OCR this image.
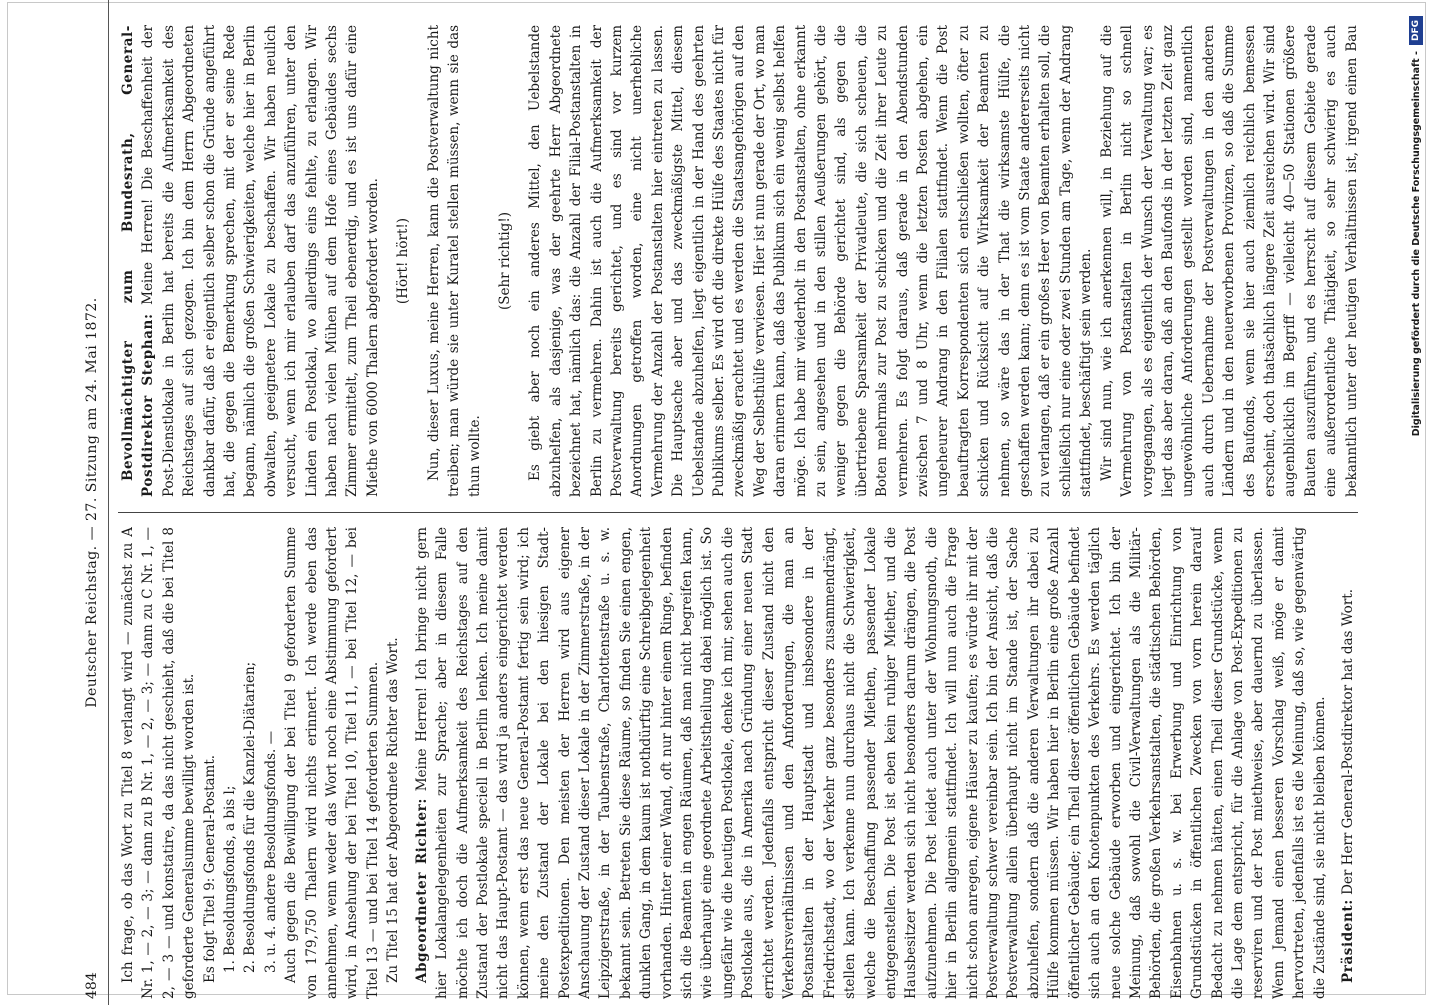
484
Deutscher Reichstag. — 27. Sitzung am 24. Mai 1872.

Ich frage, ob das Wort zu Titel 8 verlangt wird — zunächst zu A Nr. 1, — 2, — 3; — dann zu B Nr. 1, — 2, — 3; — dann zu C Nr. 1, — 2, — 3 — und konstatire, da das nicht geschieht, daß die bei Titel 8 geforderte Generalsumme bewilligt worden ist. Es folgt Titel 9: General-Postamt. 1. Besoldungsfonds, a bis l; 2. Besoldungsfonds für die Kanzlei-Diätarien; 3. u. 4. andere Besoldungsfonds. — Auch gegen die Bewilligung der bei Titel 9 geforderten Summe von 179,750 Thalern wird nichts erinnert. Ich werde eben das annehmen, wenn weder das Wort noch eine Abstimmung gefordert wird, in Ansehung der bei Titel 10, Titel 11, — bei Titel 12, — bei Titel 13 — und bei Titel 14 geforderten Summen. Zu Titel 15 hat der Abgeordnete Richter das Wort. Abgeordneter Richter: Meine Herren! Ich bringe nicht gern hier Lokalangelegenheiten zur Sprache; aber in diesem Falle möchte ich doch die Aufmerksamkeit des Reichstages auf den Zustand der Postlokale speciell in Berlin lenken. Ich meine damit nicht das Haupt-Postamt — das wird ja anders eingerichtet werden können, wenn erst das neue General-Postamt fertig sein wird; ich meine den Zustand der Lokale bei den hiesigen Stadt-Postexpeditionen. Den meisten der Herren wird aus eigener Anschauung der Zustand dieser Lokale in der Zimmerstraße, in der Leipzigerstraße, in der Taubenstraße, Charlottenstraße u. s. w. bekannt sein. Betreten Sie diese Räume, so finden Sie einen engen, dunklen Gang, in dem kaum ist nothdürftig eine Schreibgelegenheit vorhanden. Hinter einer Wand, oft nur hinter einem Ringe, befinden sich die Beamten in engen Räumen, daß man nicht begreifen kann, wie überhaupt eine geordnete Arbeitstheilung dabei möglich ist. So ungefähr wie die heutigen Postlokale, denke ich mir, sehen auch die Postlokale aus, die in Amerika nach Gründung einer neuen Stadt errichtet werden. Jedenfalls entspricht dieser Zustand nicht den Verkehrsverhältnissen und den Anforderungen, die man an Postanstalten in der Hauptstadt und insbesondere in der Friedrichstadt, wo der Verkehr ganz besonders zusammendrängt, stellen kann. Ich verkenne nun durchaus nicht die Schwierigkeit, welche die Beschaffung passender Miethen, passender Lokale entgegenstellen. Die Post ist eben kein ruhiger Miether, und die Hausbesitzer werden sich nicht besonders darum drängen, die Post aufzunehmen. Die Post leidet auch unter der Wohnungsnoth, die hier in Berlin allgemein stattfindet. Ich will nun auch die Frage nicht schon anregen, eigene Häuser zu kaufen; es würde ihr mit der Postverwaltung schwer vereinbar sein. Ich bin der Ansicht, daß die Postverwaltung allein überhaupt nicht im Stande ist, der Sache abzuhelfen, sondern daß die anderen Verwaltungen ihr dabei zu Hülfe kommen müssen. Wir haben hier in Berlin eine große Anzahl öffentlicher Gebäude; ein Theil dieser öffentlichen Gebäude befindet sich auch an den Knotenpunkten des Verkehrs. Es werden täglich neue solche Gebäude erworben und eingerichtet. Ich bin der Meinung, daß sowohl die Civil-Verwaltungen als die Militär-Behörden, die großen Verkehrsanstalten, die städtischen Behörden, Eisenbahnen u. s. w. bei Erwerbung und Einrichtung von Grundstücken in öffentlichen Zwecken von vorn herein darauf Bedacht zu nehmen hätten, einen Theil dieser Grundstücke, wenn die Lage dem entspricht, für die Anlage von Post-Expeditionen zu reserviren und der Post miethweise, aber dauernd zu überlassen. Wenn Jemand einen besseren Vorschlag weiß, möge er damit hervortreten, jedenfalls ist es die Meinung, daß so, wie gegenwärtig die Zustände sind, sie nicht bleiben können. Präsident: Der Herr General-Postdirektor hat das Wort.

Bevollmächtigter zum Bundesrath, General-Postdirektor Stephan: Meine Herren! Die Beschaffenheit der Post-Dienstlokale in Berlin hat bereits die Aufmerksamkeit des Reichstages auf sich gezogen. Ich bin dem Herrn Abgeordneten dankbar dafür, daß er eigentlich selber schon die Gründe angeführt hat, die gegen die Bemerkung sprechen, mit der er seine Rede begann, nämlich die großen Schwierigkeiten, welche hier in Berlin obwalten, geeignetere Lokale zu beschaffen. Wir haben neulich versucht, wenn ich mir erlauben darf das anzuführen, unter den Linden ein Postlokal, wo allerdings eins fehlte, zu erlangen. Wir haben nach vielen Mühen auf dem Hofe eines Gebäudes sechs Zimmer ermittelt, zum Theil ebenerdig, und es ist uns dafür eine Miethe von 6000 Thalern abgefordert worden. (Hört! hört!) Nun, dieser Luxus, meine Herren, kann die Postverwaltung nicht treiben; man würde sie unter Kuratel stellen müssen, wenn sie das thun wollte.

(Sehr richtig!) Es giebt aber noch ein anderes Mittel, den Uebelstande abzuhelfen, als dasjenige, was der geehrte Herr Abgeordnete bezeichnet hat, nämlich das: die Anzahl der Filial-Postanstalten in Berlin zu vermehren. Dahin ist auch die Aufmerksamkeit der Postverwaltung bereits gerichtet, und es sind vor kurzem Anordnungen getroffen worden, eine nicht unerhebliche Vermehrung der Anzahl der Postanstalten hier eintreten zu lassen. Die Hauptsache aber und das zweckmäßigste Mittel, diesem Uebelstande abzuhelfen, liegt eigentlich in der Hand des geehrten Publikums selber. Es wird oft die direkte Hülfe des Staates nicht für zweckmäßig erachtet und es werden die Staatsangehörigen auf den Weg der Selbsthülfe verwiesen. Hier ist nun gerade der Ort, wo man daran erinnern kann, daß das Publikum sich ein wenig selbst helfen möge. Ich habe mir wiederholt in den Postanstalten, ohne erkannt zu sein, angesehen und in den stillen Aeußerungen gehört, die weniger gegen die Behörde gerichtet sind, als gegen die übertriebene Sparsamkeit der Privatleute, die sich scheuen, die Boten mehrmals zur Post zu schicken und die Zeit ihrer Leute zu vermehren. Es folgt daraus, daß gerade in den Abendstunden zwischen 7 und 8 Uhr, wenn die letzten Posten abgehen, ein ungeheurer Andrang in den Filialen stattfindet. Wenn die Post beauftragten Korrespondenten sich entschließen wollten, öfter zu schicken und Rücksicht auf die Wirksamkeit der Beamten zu nehmen, so wäre das in der That die wirksamste Hülfe, die geschaffen werden kann; denn es ist vom Staate andererseits nicht zu verlangen, daß er ein großes Heer von Beamten erhalten soll, die schließlich nur eine oder zwei Stunden am Tage, wenn der Andrang stattfindet, beschäftigt sein werden. Wir sind nun, wie ich anerkennen will, in Beziehung auf die Vermehrung von Postanstalten in Berlin nicht so schnell vorgegangen, als es eigentlich der Wunsch der Verwaltung war; es liegt das aber daran, daß an den Baufonds in der letzten Zeit ganz ungewöhnliche Anforderungen gestellt worden sind, namentlich auch durch Uebernahme der Postverwaltungen in den anderen Ländern und in den neuerworbenen Provinzen, so daß die Summe des Baufonds, wenn sie hier auch ziemlich reichlich bemessen erscheint, doch thatsächlich längere Zeit ausreichen wird. Wir sind augenblicklich im Begriff — vielleicht 40—50 Stationen größere Bauten auszuführen, und es herrscht auf diesem Gebiete gerade eine außerordentliche Thätigkeit, so sehr schwierig es auch bekanntlich unter der heutigen Verhältnissen ist, irgend einen Bau

Digitalisierung gefördert durch die Deutsche Forschungsgemeinschaft -
DFG
